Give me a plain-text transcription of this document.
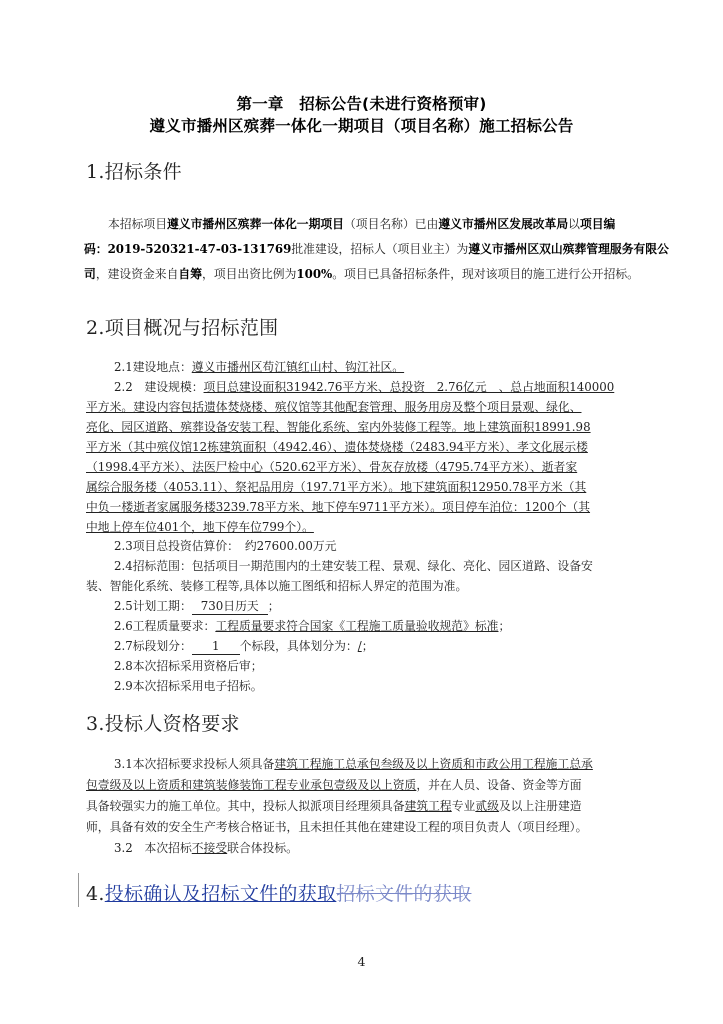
第一章　招标公告(未进行资格预审)
遵义市播州区殡葬一体化一期项目（项目名称）施工招标公告
1.招标条件
本招标项目遵义市播州区殡葬一体化一期项目（项目名称）已由遵义市播州区发展改革局以项目编
码：2019-520321-47-03-131769批准建设，招标人（项目业主）为遵义市播州区双山殡葬管理服务有限公
司，建设资金来自自筹，项目出资比例为100%。项目已具备招标条件，现对该项目的施工进行公开招标。
2.项目概况与招标范围
2.1建设地点：遵义市播州区苟江镇红山村、钩江社区。
2.2　建设规模：项目总建设面积31942.76平方米、总投资　2.76亿元　、总占地面积140000
平方米。建设内容包括遗体焚烧楼、殡仪馆等其他配套管理、服务用房及整个项目景观、绿化、
亮化、园区道路、殡葬设备安装工程、智能化系统、室内外装修工程等。地上建筑面积18991.98
平方米（其中殡仪馆12栋建筑面积（4942.46）、遗体焚烧楼（2483.94平方米）、孝文化展示楼
（1998.4平方米）、法医尸检中心（520.62平方米）、骨灰存放楼（4795.74平方米）、逝者家
属综合服务楼（4053.11）、祭祀品用房（197.71平方米）。地下建筑面积12950.78平方米（其
中负一楼逝者家属服务楼3239.78平方米、地下停车9711平方米）。项目停车泊位：1200个（其
中地上停车位401个，地下停车位799个）。
2.3项目总投资估算价：　约27600.00万元
2.4招标范围：包括项目一期范围内的土建安装工程、景观、绿化、亮化、园区道路、设备安
装、智能化系统、装修工程等,具体以施工图纸和招标人界定的范围为准。
2.5计划工期： 730日历天 ；
2.6工程质量要求：工程质量要求符合国家《工程施工质量验收规范》标准；
2.7标段划分： 1 个标段，具体划分为：/；
2.8本次招标采用资格后审；
2.9本次招标采用电子招标。
3.投标人资格要求
3.1本次招标要求投标人须具备建筑工程施工总承包叁级及以上资质和市政公用工程施工总承
包壹级及以上资质和建筑装修装饰工程专业承包壹级及以上资质，并在人员、设备、资金等方面
具备较强实力的施工单位。其中，投标人拟派项目经理须具备建筑工程专业贰级及以上注册建造
师，具备有效的安全生产考核合格证书，且未担任其他在建建设工程的项目负责人（项目经理）。
3.2　本次招标不接受联合体投标。
4.投标确认及招标文件的获取招标文件的获取
4
